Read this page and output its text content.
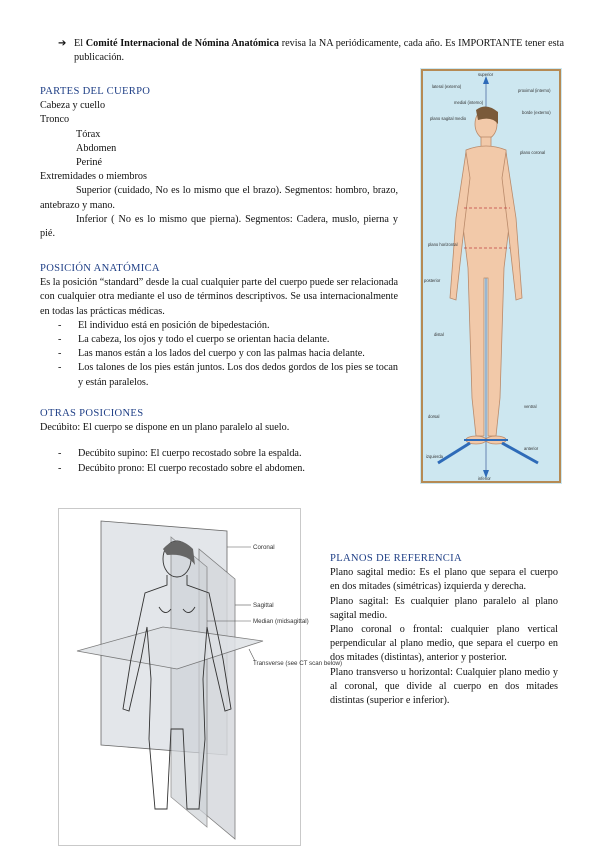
➔ El Comité Internacional de Nómina Anatómica revisa la NA periódicamente, cada año. Es IMPORTANTE tener esta publicación.
PARTES DEL CUERPO
Cabeza y cuello
Tronco
Tórax
Abdomen
Periné
Extremidades o miembros
Superior (cuidado, No es lo mismo que el brazo). Segmentos: hombro, brazo, antebrazo y mano.
Inferior ( No es lo mismo que pierna). Segmentos: Cadera, muslo, pierna y pié.
POSICIÓN ANATÓMICA
Es la posición “standard” desde la cual cualquier parte del cuerpo puede ser relacionada con cualquier otra mediante el uso de términos descriptivos. Se usa internacionalmente en todas las prácticas médicas.
- El individuo está en posición de bipedestación.
- La cabeza, los ojos y todo el cuerpo se orientan hacia delante.
- Las manos están a los lados del cuerpo y con las palmas hacia delante.
- Los talones de los pies están juntos. Los dos dedos gordos de los pies se tocan y están paralelos.
OTRAS POSICIONES
Decúbito: El cuerpo se dispone en un plano paralelo al suelo.
- Decúbito supino: El cuerpo recostado sobre la espalda.
- Decúbito prono: El cuerpo recostado sobre el abdomen.
superior
lateral (externo)
medial (interno)
proximal (interno)
plano sagital medio
borde (externo)
plano coronal
plano horizontal
posterior
distal
dorsal
ventral
anterior
izquierda
inferior
Coronal
Sagittal
Median (midsagittal)
Transverse (see CT scan below)
PLANOS DE REFERENCIA
Plano sagital medio: Es el plano que separa el cuerpo en dos mitades (simétricas) izquierda y derecha.
Plano sagital: Es cualquier plano paralelo al plano sagital medio.
Plano coronal o frontal: cualquier plano vertical perpendicular al plano medio, que separa el cuerpo en dos mitades (distintas), anterior y posterior.
Plano transverso u horizontal: Cualquier plano medio y al coronal, que divide al cuerpo en dos mitades distintas (superior e inferior).
